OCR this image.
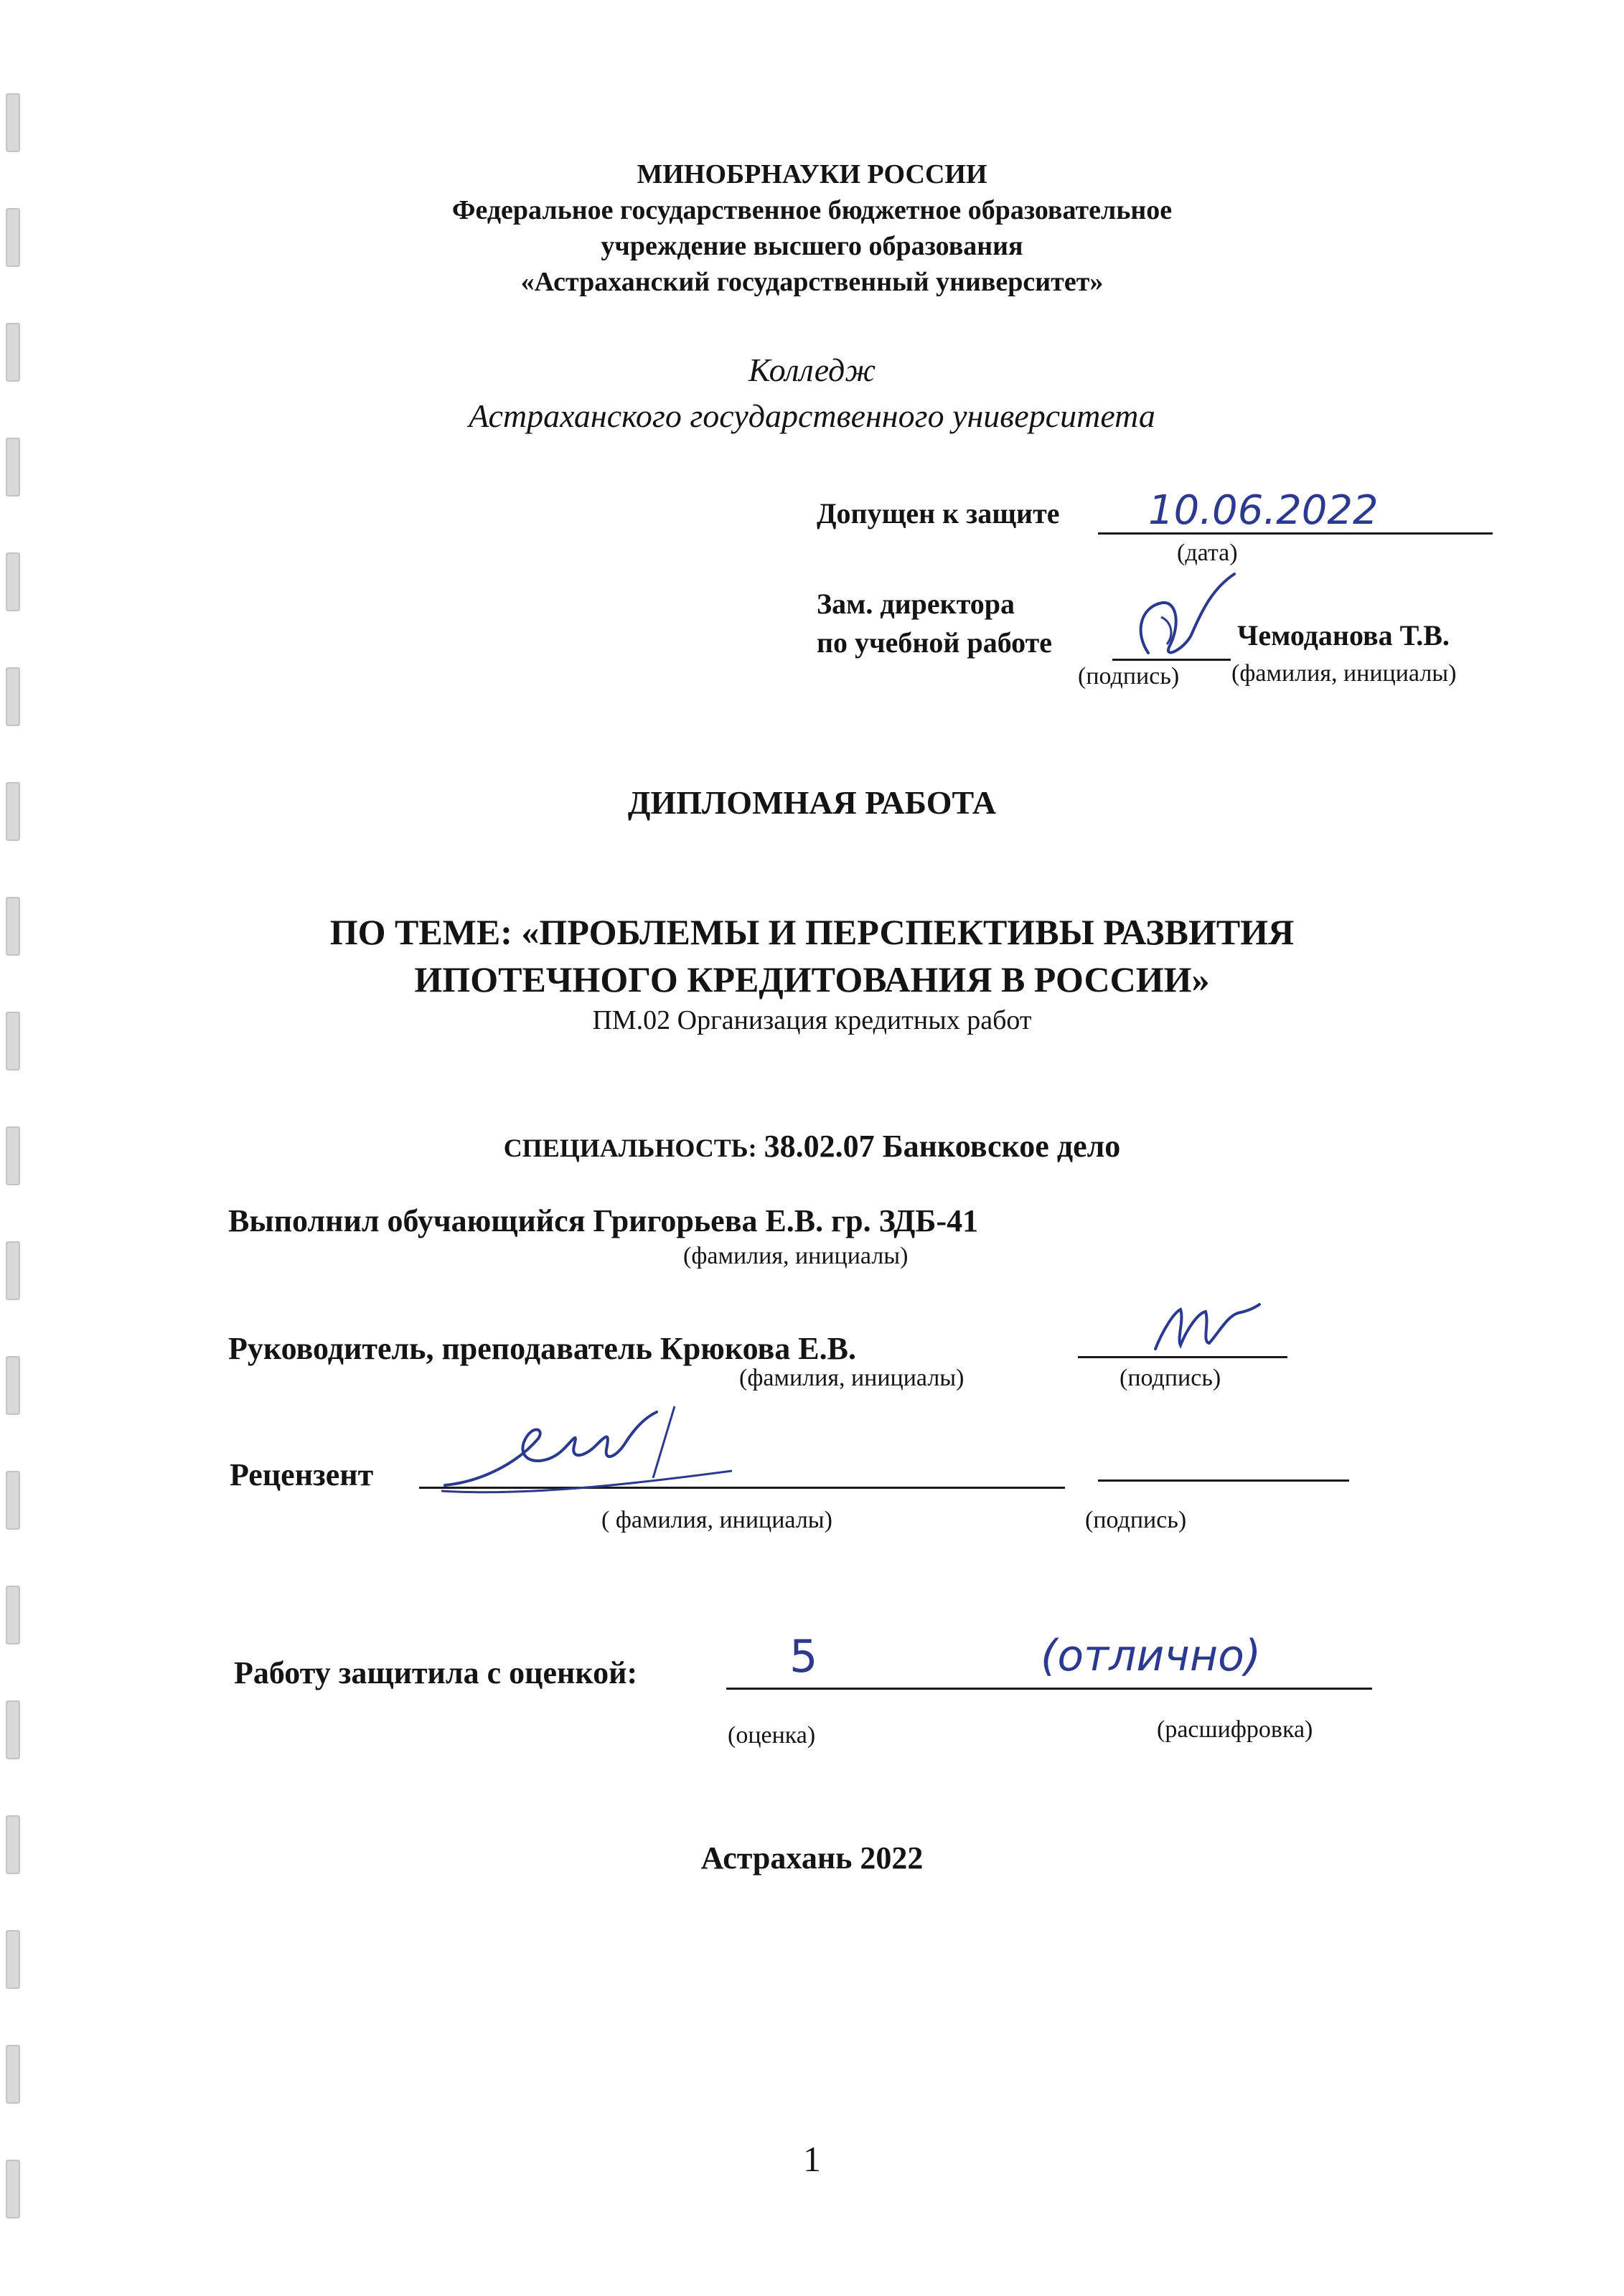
МИНОБРНАУКИ РОССИИ
Федеральное государственное бюджетное образовательное
учреждение высшего образования
«Астраханский государственный университет»
Колледж
Астраханского государственного университета
Допущен к защите 10.06.2022
(дата)
Зам. директора
по учебной работе	Чемоданова Т.В.
(подпись) (фамилия, инициалы)
ДИПЛОМНАЯ РАБОТА
ПО ТЕМЕ: «ПРОБЛЕМЫ И ПЕРСПЕКТИВЫ РАЗВИТИЯ
ИПОТЕЧНОГО КРЕДИТОВАНИЯ В РОССИИ»
ПМ.02 Организация кредитных работ
СПЕЦИАЛЬНОСТЬ: 38.02.07 Банковское дело
Выполнил обучающийся Григорьева Е.В. гр. ЗДБ-41
(фамилия, инициалы)
Руководитель, преподаватель Крюкова Е.В.
(фамилия, инициалы)	(подпись)
Рецензент
( фамилия, инициалы)	(подпись)
Работу защитила с оценкой:	5	(отлично)
(оценка)	(расшифровка)
Астрахань 2022
1
